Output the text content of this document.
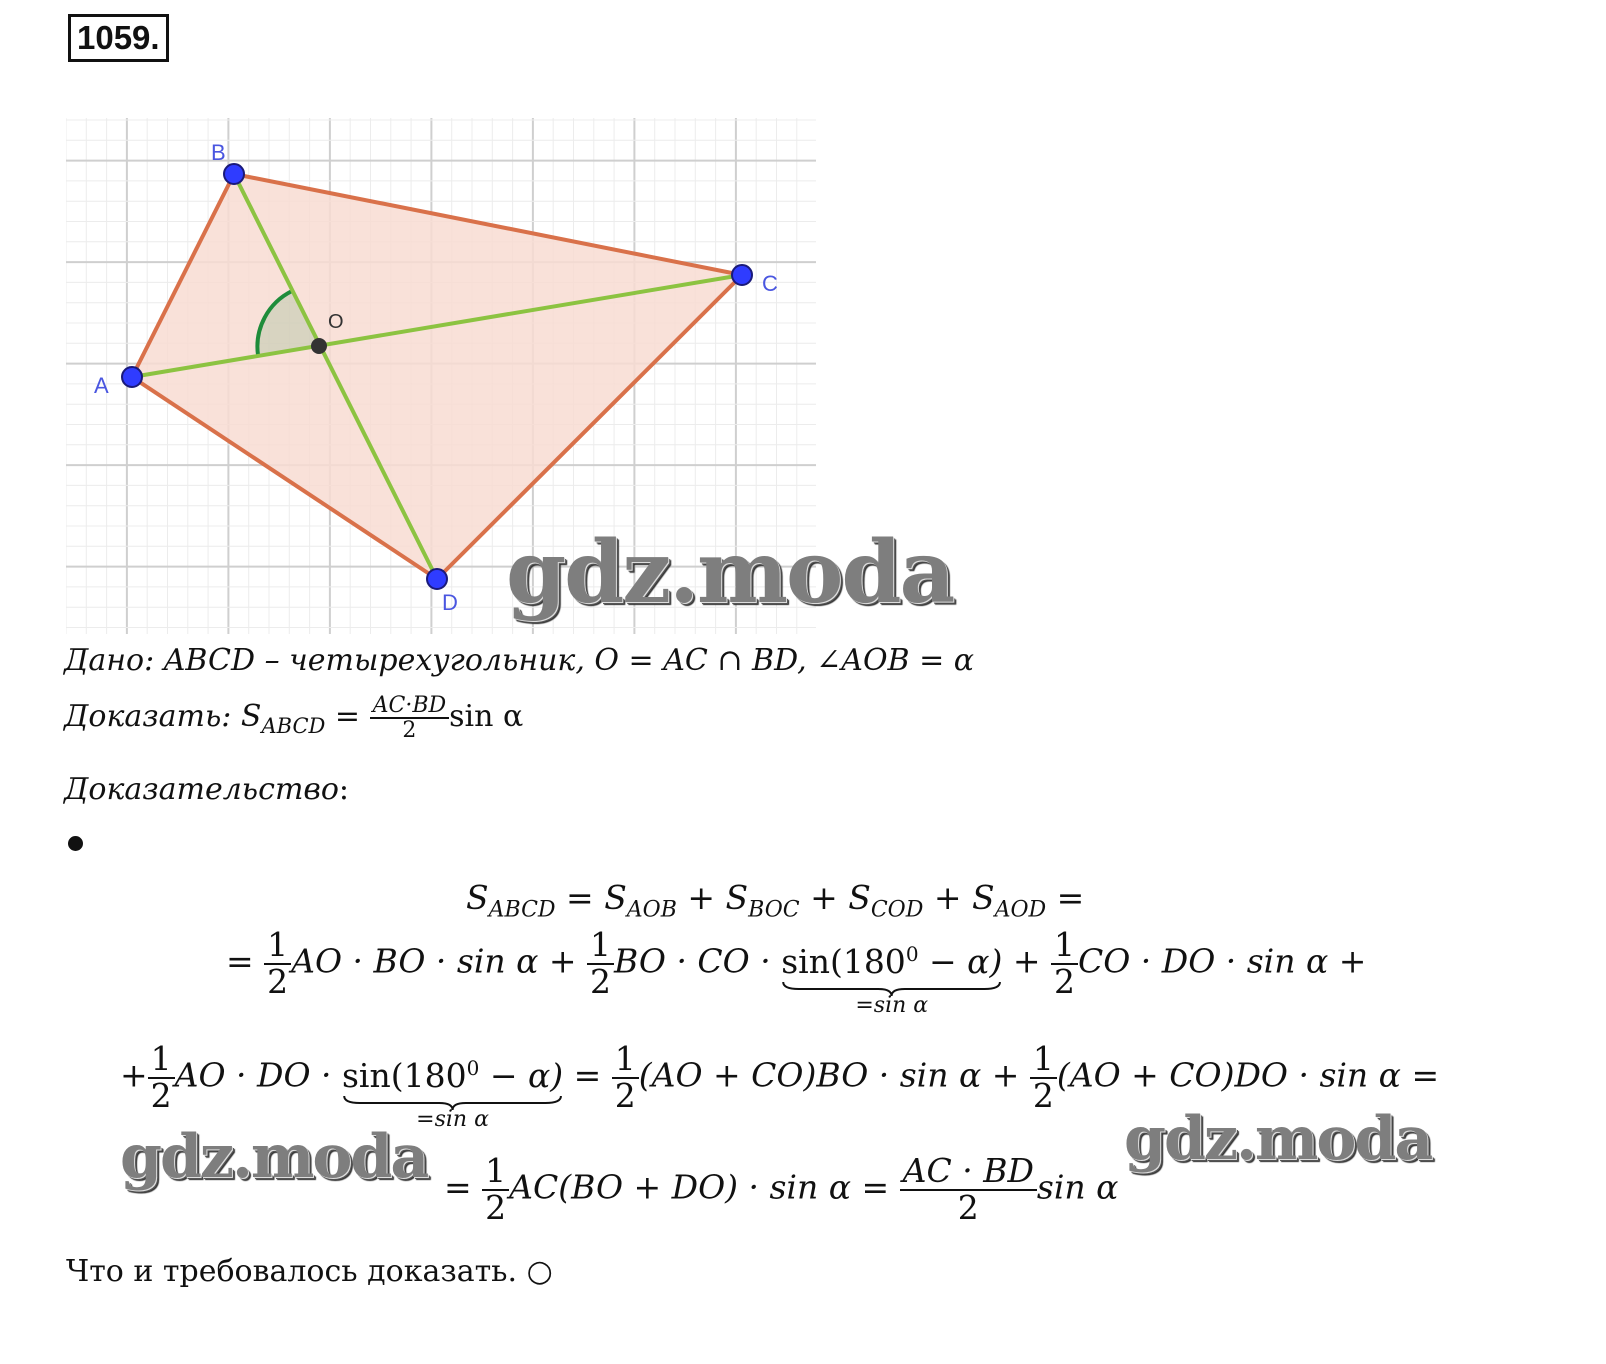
1059.
A
B
C
D
O
gdz.moda
Дано: ABCD – четырехугольник, O = AC ∩ BD, ∠AOB = α
Доказать: $S_{ABCD} = \frac{AC\cdot BD}{2}$ sin α
Доказательство:
$S_{ABCD} = S_{AOB} + S_{BOC} + S_{COD} + S_{AOD}$ =
= $\frac{1}{2}$ AO · BO · $\sin \alpha + \frac{1}{2}$ BO · CO · $\sin(180^0 - \alpha)$
=sin α
+ $\frac{1}{2}$ CO · DO · sin α +
+ $\frac{1}{2}$ AO · DO · $\sin(180^0 - \alpha)$
=sin α
= $\frac{1}{2} (AO + CO)BO \cdot \sin \alpha + \frac{1}{2} (AO + CO)DO \cdot \sin \alpha$ =
gdz.moda	gdz.moda
= $\frac{1}{2} AC(BO + DO) \cdot \sin \alpha = \frac{AC \cdot BD}{2}$ sin α
Что и требовалось доказать. ○
